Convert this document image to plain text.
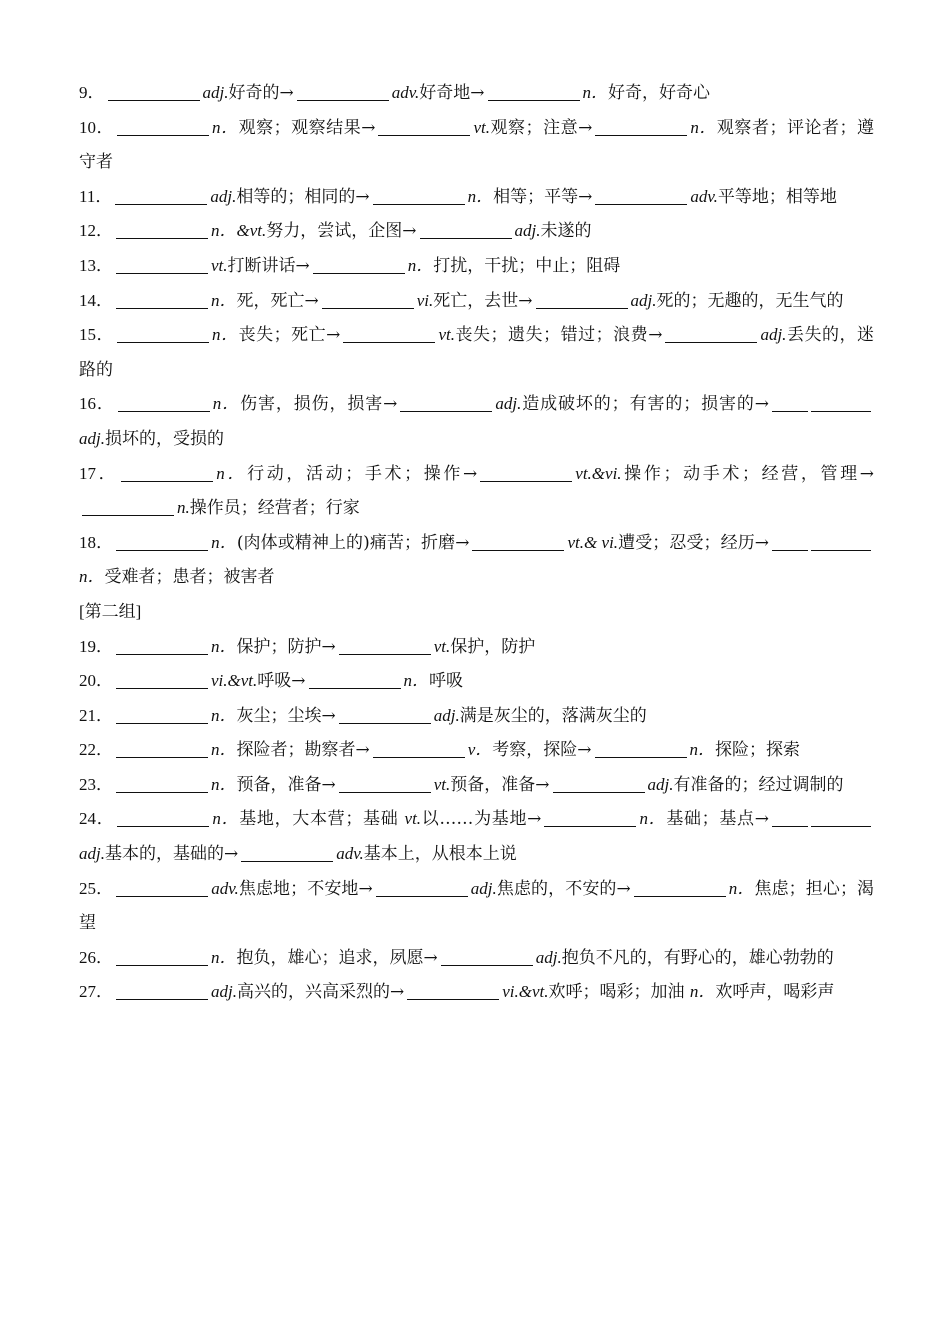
9．	adj.好奇的→	adv.好奇地→	n．好奇，好奇心
10．	n．观察；观察结果→	vt.观察；注意→	n．观察者；评论者；遵守者
11．	adj.相等的；相同的→	n．相等；平等→	adv.平等地；相等地
12．	n．&vt.努力，尝试，企图→	adj.未遂的
13．	vt.打断讲话→	n．打扰，干扰；中止；阻碍
14．	n．死，死亡→	vi.死亡，去世→	adj.死的；无趣的，无生气的
15．	n．丧失；死亡→	vt.丧失；遗失；错过；浪费→	adj.丢失的，迷路的
16．	n．伤害，损伤，损害→	adj.造成破坏的；有害的；损害的→adj.损坏的，受损的
17．	n．行动，活动；手术；操作→	vt.&vi.操作；动手术；经营，管理→n.操作员；经营者；行家
18．	n．(肉体或精神上的)痛苦；折磨→	vt.& vi.遭受；忍受；经历→n．受难者；患者；被害者
[第二组]
19．	n．保护；防护→	vt.保护，防护
20．	vi.&vt.呼吸→	n．呼吸
21．	n．灰尘；尘埃→	adj.满是灰尘的，落满灰尘的
22．	n．探险者；勘察者→	v．考察，探险→	n．探险；探索
23．	n．预备，准备→	vt.预备，准备→	adj.有准备的；经过调制的
24．	n．基地，大本营；基础 vt.以……为基地→	n．基础；基点→adj.基本的，基础的→	adv.基本上，从根本上说
25．	adv.焦虑地；不安地→	adj.焦虑的，不安的→	n．焦虑；担心；渴望
26．	n．抱负，雄心；追求，夙愿→	adj.抱负不凡的，有野心的，雄心勃勃的
27．	adj.高兴的，兴高采烈的→	vi.&vt.欢呼；喝彩；加油 n．欢呼声，喝彩声
